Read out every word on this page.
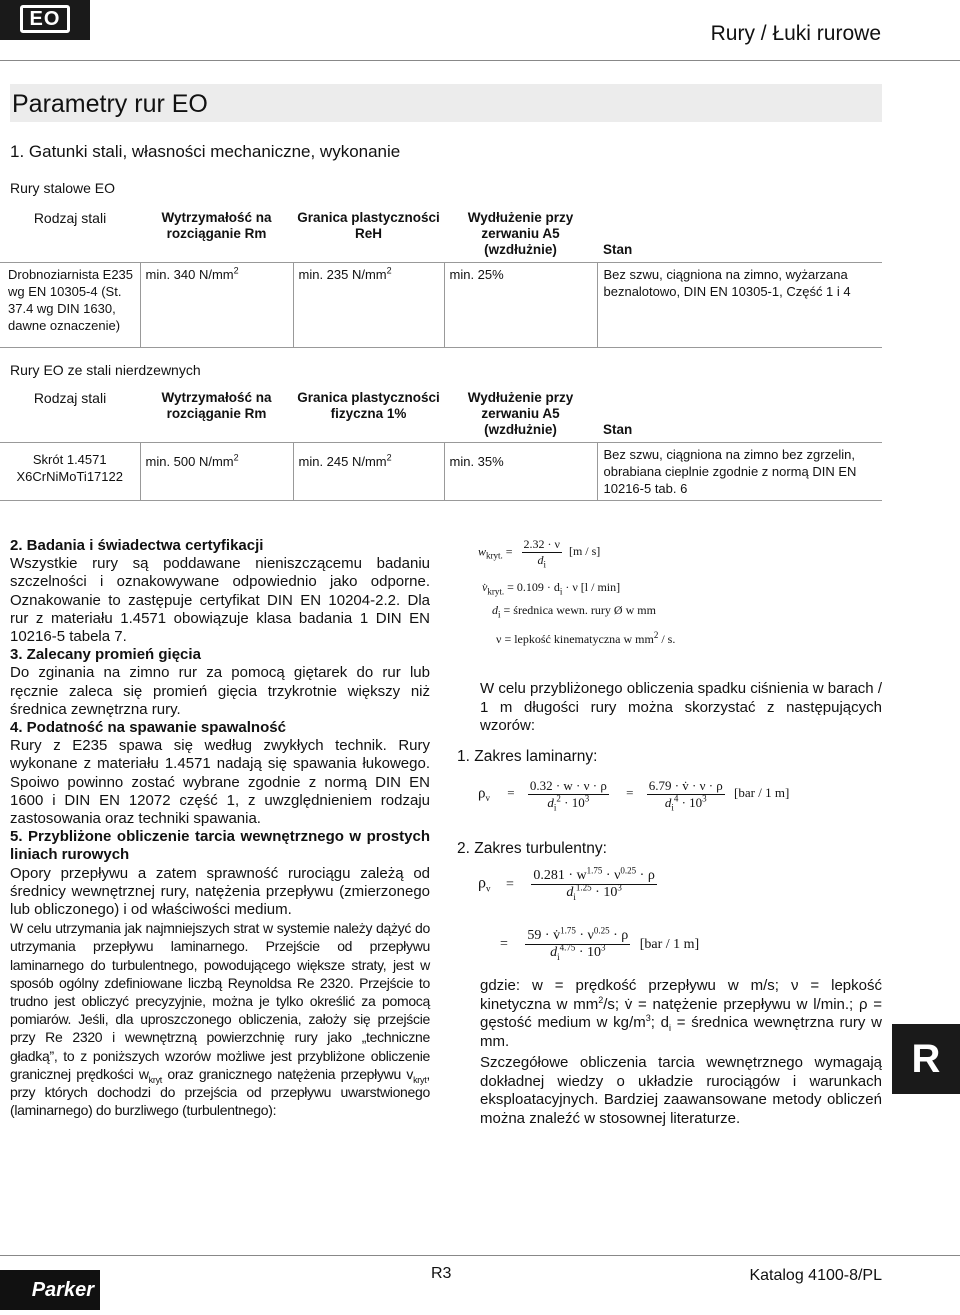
EO
Rury / Łuki rurowe
Parametry rur EO
1. Gatunki stali, własności mechaniczne, wykonanie
Rury stalowe EO
Rodzaj stali	Wytrzymałość na rozciąganie Rm	Granica plastyczności ReH	Wydłużenie przy zerwaniu A5 (wzdłużnie)	Stan
Drobnoziarnista E235 wg EN 10305-4 (St. 37.4 wg DIN 1630, dawne oznaczenie)	min. 340 $N/mm^2$	min. 235 $N/mm^2$	min. 25%	Bez szwu, ciągniona na zimno, wyżarzana beznalotowo, DIN EN 10305-1, Część 1 i 4
Rury EO ze stali nierdzewnych
Rodzaj stali	Wytrzymałość na rozciąganie Rm	Granica plastyczności fizyczna 1%	Wydłużenie przy zerwaniu A5 (wzdłużnie)	Stan
Skrót 1.4571 X6CrNiMoTi17122	min. 500 $N/mm^2$	min. 245 $N/mm^2$	min. 35%	Bez szwu, ciągniona na zimno bez zgrzelin, obrabiana cieplnie zgodnie z normą DIN EN 10216-5 tab. 6

2. Badania i świadectwa certyfikacji

Wszystkie rury są poddawane nieniszczącemu badaniu szczelności i oznakowywane odpowiednio jako odporne. Oznakowanie to zastępuje certyfikat DIN EN 10204-2.2. Dla rur z materiału 1.4571 obowiązuje klasa badania 1 DIN EN 10216-5 tabela 7.

3. Zalecany promień gięcia

Do zginania na zimno rur za pomocą giętarek do rur lub ręcznie zaleca się promień gięcia trzykrotnie większy niż średnica zewnętrzna rury.

4. Podatność na spawanie spawalność

Rury z E235 spawa się według zwykłych technik. Rury wykonane z materiału 1.4571 nadają się spawania łukowego. Spoiwo powinno zostać wybrane zgodnie z normą DIN EN 1600 i DIN EN 12072 część 1, z uwzględnieniem rodzaju zastosowania oraz techniki spawania.

5. Przybliżone obliczenie tarcia wewnętrznego w prostych liniach rurowych

Opory przepływu a zatem sprawność rurociągu zależą od średnicy wewnętrznej rury, natężenia przepływu (zmierzonego lub obliczonego) i od właściwości medium.

W celu utrzymania jak najmniejszych strat w systemie należy dążyć do utrzymania przepływu laminarnego. Przejście od przepływu laminarnego do turbulentnego, powodującego większe straty, jest w sposób ogólny zdefiniowane liczbą Reynoldsa Re 2320. Przejście to trudno jest obliczyć precyzyjnie, można je tylko określić za pomocą pomiarów. Jeśli, dla uproszczonego obliczenia, założy się przejście przy Re 2320 i wewnętrzną powierzchnię rury jako „techniczne gładką”, to z poniższych wzorów możliwe jest przybliżone obliczenie granicznej prędkości $w_{kryt}$ oraz granicznego natężenia przepływu $v_{kryt}$, przy których dochodzi do przejścia od przepływu uwarstwionego (laminarnego) do burzliwego (turbulentnego):

$w_{kryt.} = \frac{2.32 \cdot \nu}{d_i} [m / s]$
$v̇_{kryt.} = 0.109 \cdot d_i \cdot \nu$ [l / min]
$d_i$ = średnica wewn. rury Ø w mm
ν = lepkość kinematyczna w $mm^2$ / s.
W celu przybliżonego obliczenia spadku ciśnienia w barach / 1 m długości rury można skorzystać z następujących wzorów:
1. Zakres laminarny:
$\rho_v = \frac{0.32 \cdot w \cdot \nu \cdot \rho}{d_i^2 \cdot 10^3} = \frac{6.79 \cdot v̇ \cdot \nu \cdot \rho}{d_i^4 \cdot 10^3} [bar / 1$ m]
2. Zakres turbulentny:
$\rho_v = \frac{0.281 \cdot w^{1.75} \cdot \nu^{0.25} \cdot \rho}{d_i^{1.25} \cdot 10^3}$
= $\frac{59 \cdot v̇^{1.75} \cdot \nu^{0.25} \cdot \rho}{d_i^{4.75} \cdot 10^3} [bar / 1$ m]
gdzie: w = prędkość przepływu w m/s; ν = lepkość kinetyczna w $mm^2/s$; v̇ = natężenie przepływu w l/min.; ρ = gęstość medium w $kg/m^3$; $d_i$ = średnica wewnętrzna rury w mm.
Szczegółowe obliczenia tarcia wewnętrznego wymagają dokładnej wiedzy o układzie rurociągów i warunkach eksploatacyjnych. Bardziej zaawansowane metody obliczeń można znaleźć w stosownej literaturze.
R
Parker
R3	Katalog 4100-8/PL
